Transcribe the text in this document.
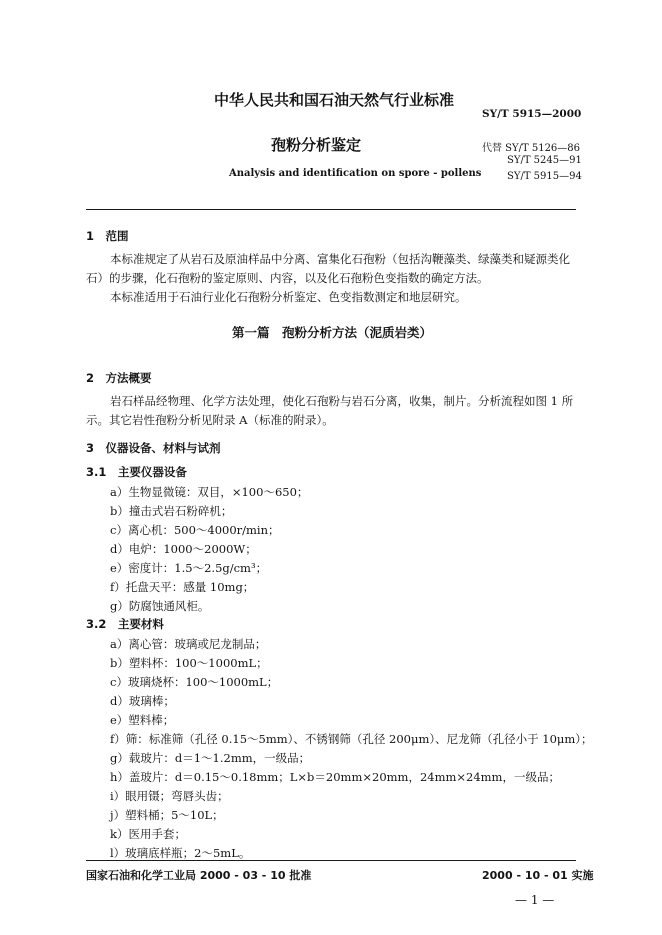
中华人民共和国石油天然气行业标准
SY/T 5915—2000
孢粉分析鉴定
Analysis and identification on spore - pollens
代替 SY/T 5126—86
SY/T 5245—91
SY/T 5915—94
1　范围
本标准规定了从岩石及原油样品中分离、富集化石孢粉（包括沟鞭藻类、绿藻类和疑源类化石）的步骤，化石孢粉的鉴定原则、内容，以及化石孢粉色变指数的确定方法。
本标准适用于石油行业化石孢粉分析鉴定、色变指数测定和地层研究。
第一篇　孢粉分析方法（泥质岩类）
2　方法概要
岩石样品经物理、化学方法处理，使化石孢粉与岩石分离，收集，制片。分析流程如图 1 所示。其它岩性孢粉分析见附录 A（标准的附录）。
3　仪器设备、材料与试剂
3.1　主要仪器设备
a）生物显微镜：双目，×100～650；
b）撞击式岩石粉碎机；
c）离心机：500～4000r/min；
d）电炉：1000～2000W；
e）密度计：1.5～2.5g/cm³；
f）托盘天平：感量 10mg；
g）防腐蚀通风柜。
3.2　主要材料
a）离心管：玻璃或尼龙制品；
b）塑料杯：100～1000mL；
c）玻璃烧杯：100～1000mL；
d）玻璃棒；
e）塑料棒；
f）筛：标准筛（孔径 0.15～5mm）、不锈钢筛（孔径 200μm）、尼龙筛（孔径小于 10μm）；
g）载玻片：d＝1～1.2mm，一级品；
h）盖玻片：d＝0.15～0.18mm；L×b＝20mm×20mm，24mm×24mm，一级品；
i）眼用镊；弯唇头齿；
j）塑料桶；5～10L；
k）医用手套；
l）玻璃底样瓶；2～5mL。
国家石油和化学工业局 2000 - 03 - 10 批准	2000 - 10 - 01 实施
— 1 —
